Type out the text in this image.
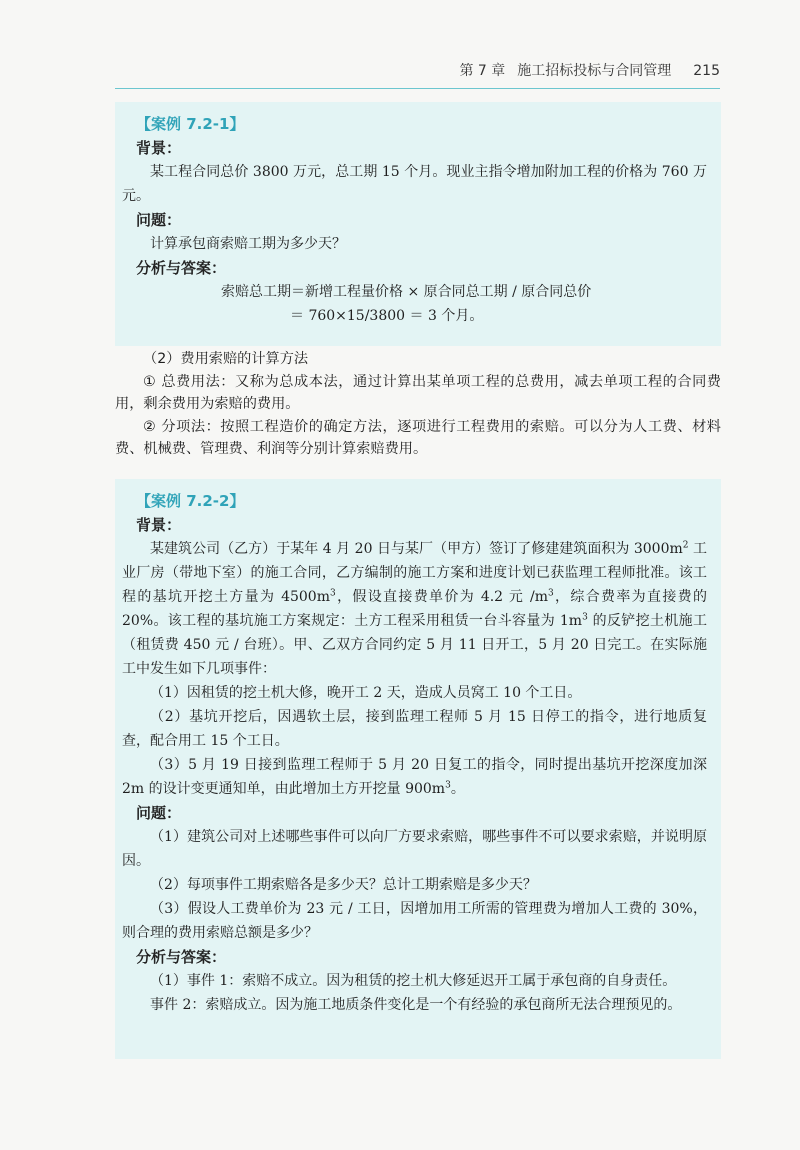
第 7 章 施工招标投标与合同管理 215
【案例 7.2-1】
背景：

某工程合同总价 3800 万元，总工期 15 个月。现业主指令增加附加工程的价格为 760 万元。

问题：

计算承包商索赔工期为多少天？

分析与答案：
索赔总工期＝新增工程量价格 × 原合同总工期 / 原合同总价
＝ 760×15/3800 ＝ 3 个月。

（2）费用索赔的计算方法

① 总费用法：又称为总成本法，通过计算出某单项工程的总费用，减去单项工程的合同费用，剩余费用为索赔的费用。

② 分项法：按照工程造价的确定方法，逐项进行工程费用的索赔。可以分为人工费、材料费、机械费、管理费、利润等分别计算索赔费用。

【案例 7.2-2】
背景：

某建筑公司（乙方）于某年 4 月 20 日与某厂（甲方）签订了修建建筑面积为 $3000m^2$ 工业厂房（带地下室）的施工合同，乙方编制的施工方案和进度计划已获监理工程师批准。该工程的基坑开挖土方量为 $4500m^3$，假设直接费单价为 4.2 元 $/m^3$，综合费率为直接费的 20%。该工程的基坑施工方案规定：土方工程采用租赁一台斗容量为 $1m^3$ 的反铲挖土机施工（租赁费 450 元 / 台班）。甲、乙双方合同约定 5 月 11 日开工，5 月 20 日完工。在实际施工中发生如下几项事件：

（1）因租赁的挖土机大修，晚开工 2 天，造成人员窝工 10 个工日。

（2）基坑开挖后，因遇软土层，接到监理工程师 5 月 15 日停工的指令，进行地质复查，配合用工 15 个工日。

（3）5 月 19 日接到监理工程师于 5 月 20 日复工的指令，同时提出基坑开挖深度加深 2m 的设计变更通知单，由此增加土方开挖量 $900m^3$。

问题：

（1）建筑公司对上述哪些事件可以向厂方要求索赔，哪些事件不可以要求索赔，并说明原因。

（2）每项事件工期索赔各是多少天？总计工期索赔是多少天？

（3）假设人工费单价为 23 元 / 工日，因增加用工所需的管理费为增加人工费的 30%，则合理的费用索赔总额是多少？

分析与答案：

（1）事件 1：索赔不成立。因为租赁的挖土机大修延迟开工属于承包商的自身责任。

事件 2：索赔成立。因为施工地质条件变化是一个有经验的承包商所无法合理预见的。
